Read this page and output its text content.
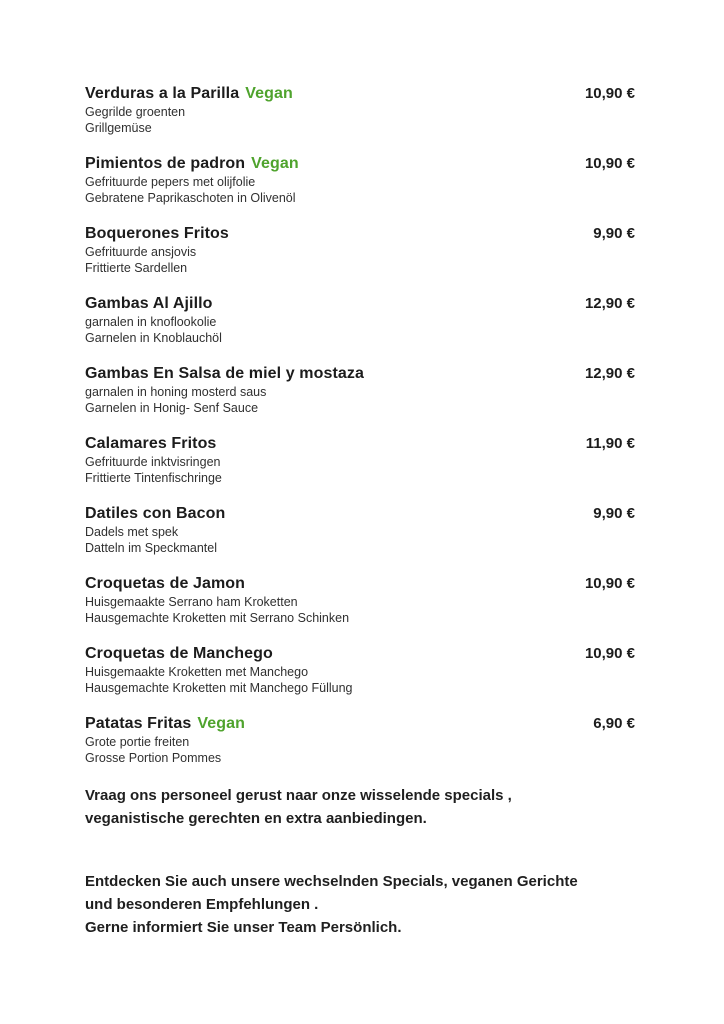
Verduras a la Parilla Vegan	10,90 €
Gegrilde groenten
Grillgemüse
Pimientos de padron Vegan	10,90 €
Gefrituurde pepers met olijfolie
Gebratene Paprikaschoten in Olivenöl
Boquerones Fritos	9,90 €
Gefrituurde ansjovis
Frittierte Sardellen
Gambas Al Ajillo	12,90 €
garnalen in knoflookolie
Garnelen in Knoblauchöl
Gambas En Salsa de miel y mostaza	12,90 €
garnalen in honing mosterd saus
Garnelen in Honig- Senf Sauce
Calamares Fritos	11,90 €
Gefrituurde inktvisringen
Frittierte Tintenfischringe
Datiles con Bacon	9,90 €
Dadels met spek
Datteln im Speckmantel
Croquetas de Jamon	10,90 €
Huisgemaakte Serrano ham Kroketten
Hausgemachte Kroketten mit Serrano Schinken
Croquetas de Manchego	10,90 €
Huisgemaakte Kroketten met Manchego
Hausgemachte Kroketten mit Manchego Füllung
Patatas Fritas Vegan	6,90 €
Grote portie freiten
Grosse Portion Pommes
Vraag ons personeel gerust naar onze wisselende specials ,
veganistische gerechten en extra aanbiedingen.
Entdecken Sie auch unsere wechselnden Specials, veganen Gerichte
und besonderen Empfehlungen .
Gerne informiert Sie unser Team Persönlich.
